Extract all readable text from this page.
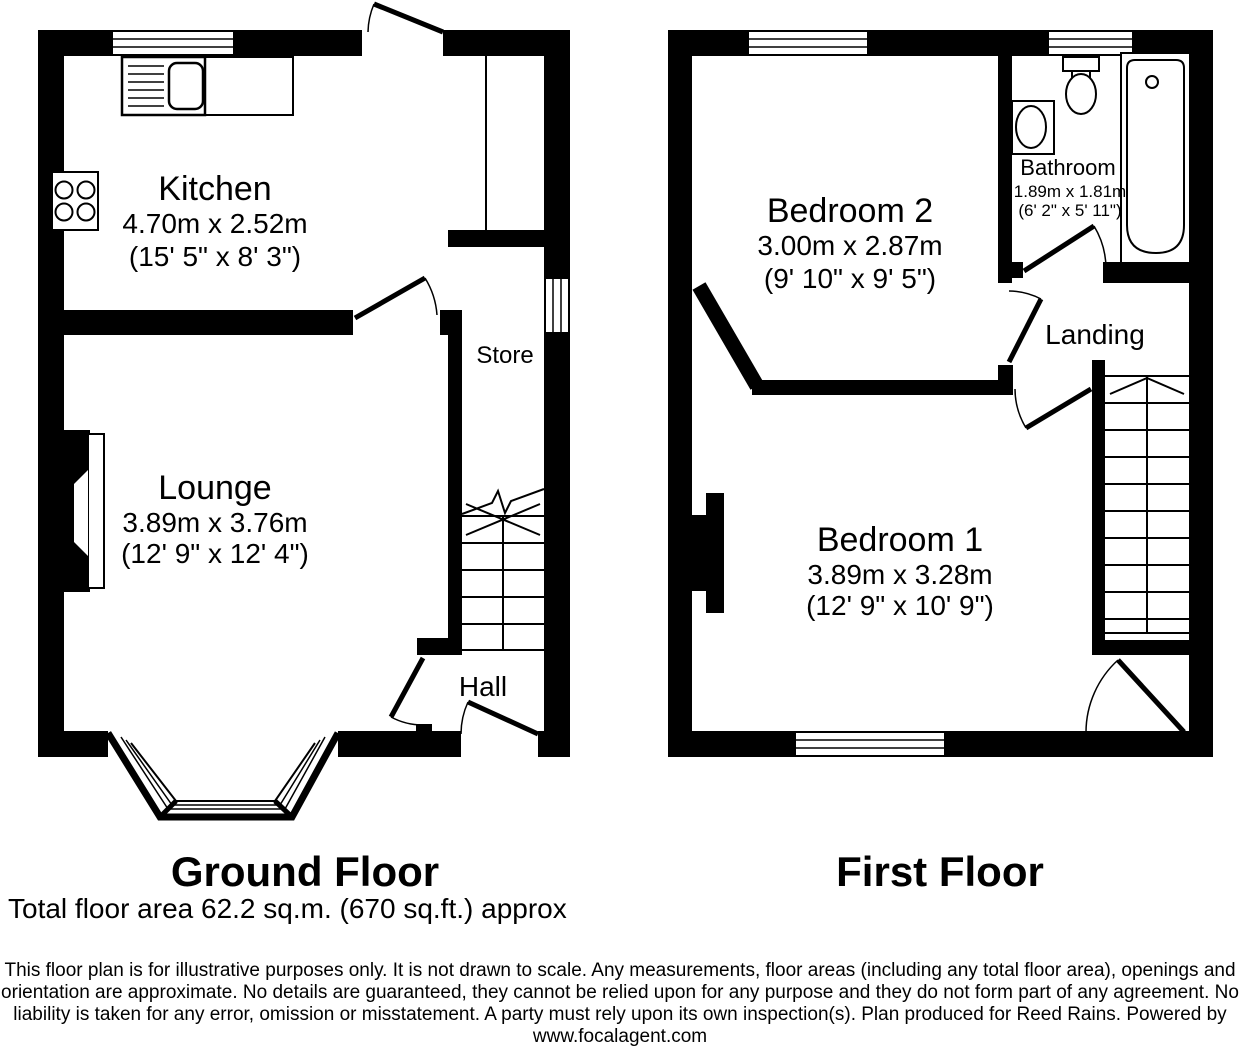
Kitchen
4.70m x 2.52m
(15' 5" x 8' 3")
Store
Lounge
3.89m x 3.76m
(12' 9" x 12' 4")
Hall
Bedroom 2
3.00m x 2.87m
(9' 10" x 9' 5")
Bathroom
1.89m x 1.81m
(6' 2" x 5' 11")
Landing
Bedroom 1
3.89m x 3.28m
(12' 9" x 10' 9")
Ground Floor	First Floor
Total floor area 62.2 sq.m. (670 sq.ft.) approx
This floor plan is for illustrative purposes only. It is not drawn to scale. Any measurements, floor areas (including any total floor area), openings and
orientation are approximate. No details are guaranteed, they cannot be relied upon for any purpose and they do not form part of any agreement. No
liability is taken for any error, omission or misstatement. A party must rely upon its own inspection(s). Plan produced for Reed Rains. Powered by
www.focalagent.com
